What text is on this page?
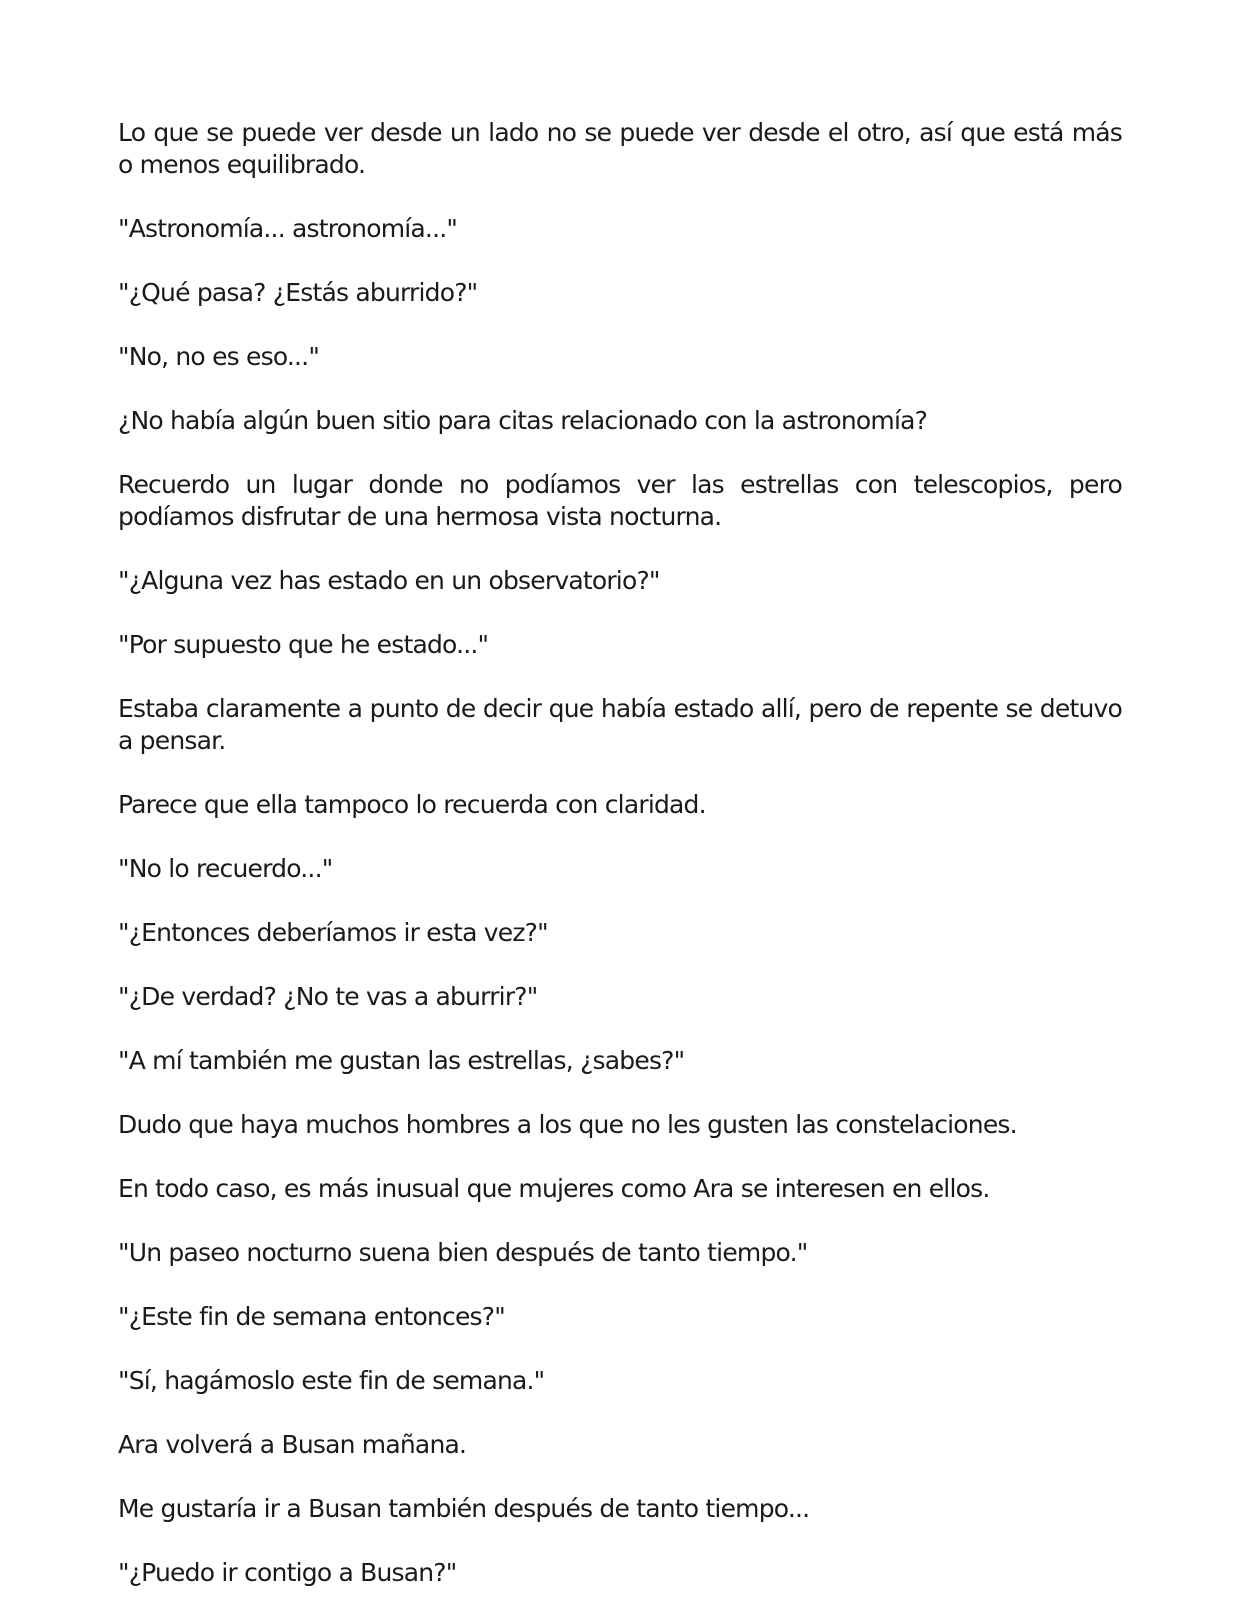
Lo que se puede ver desde un lado no se puede ver desde el otro, así que está más o menos equilibrado.

"Astronomía... astronomía..."

"¿Qué pasa? ¿Estás aburrido?"

"No, no es eso..."

¿No había algún buen sitio para citas relacionado con la astronomía?

Recuerdo un lugar donde no podíamos ver las estrellas con telescopios, pero podíamos disfrutar de una hermosa vista nocturna.

"¿Alguna vez has estado en un observatorio?"

"Por supuesto que he estado..."

Estaba claramente a punto de decir que había estado allí, pero de repente se detuvo a pensar.

Parece que ella tampoco lo recuerda con claridad.

"No lo recuerdo..."

"¿Entonces deberíamos ir esta vez?"

"¿De verdad? ¿No te vas a aburrir?"

"A mí también me gustan las estrellas, ¿sabes?"

Dudo que haya muchos hombres a los que no les gusten las constelaciones.

En todo caso, es más inusual que mujeres como Ara se interesen en ellos.

"Un paseo nocturno suena bien después de tanto tiempo."

"¿Este fin de semana entonces?"

"Sí, hagámoslo este fin de semana."

Ara volverá a Busan mañana.

Me gustaría ir a Busan también después de tanto tiempo...

"¿Puedo ir contigo a Busan?"
